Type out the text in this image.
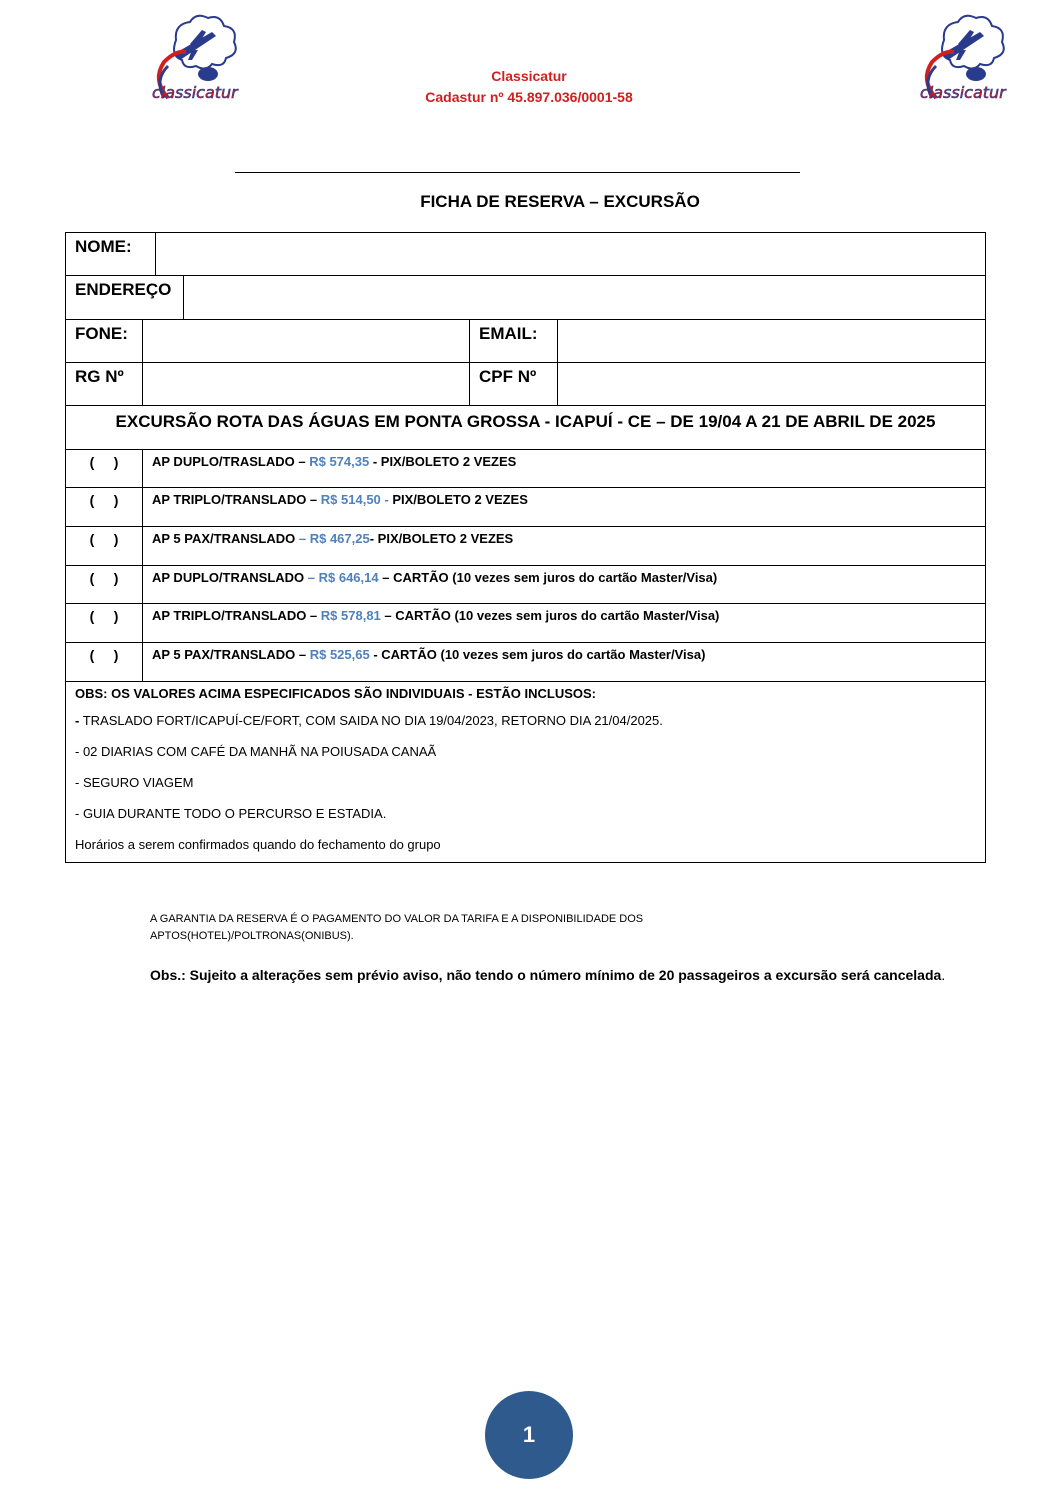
classicatur	classicatur
Classicatur
Cadastur nº 45.897.036/0001-58
FICHA DE RESERVA – EXCURSÃO
NOME:
ENDEREÇO
FONE:	EMAIL:
RG Nº	CPF Nº
EXCURSÃO ROTA DAS ÁGUAS EM PONTA GROSSA - ICAPUÍ - CE – DE 19/04 A 21 DE ABRIL DE 2025
(     )	AP DUPLO/TRASLADO – R$ 574,35 - PIX/BOLETO 2 VEZES
(     )	AP TRIPLO/TRANSLADO – R$ 514,50 - PIX/BOLETO 2 VEZES
(     )	AP 5 PAX/TRANSLADO – R$ 467,25- PIX/BOLETO 2 VEZES
(     )	AP DUPLO/TRANSLADO – R$ 646,14 – CARTÃO (10 vezes sem juros do cartão Master/Visa)
(     )	AP TRIPLO/TRANSLADO – R$ 578,81 – CARTÃO (10 vezes sem juros do cartão Master/Visa)
(     )	AP 5 PAX/TRANSLADO – R$ 525,65 - CARTÃO (10 vezes sem juros do cartão Master/Visa)
OBS: OS VALORES ACIMA ESPECIFICADOS SÃO INDIVIDUAIS - ESTÃO INCLUSOS:
- TRASLADO FORT/ICAPUÍ-CE/FORT, COM SAIDA NO DIA 19/04/2023, RETORNO DIA 21/04/2025.
- 02 DIARIAS COM CAFÉ DA MANHÃ NA POIUSADA CANAÃ
- SEGURO VIAGEM
- GUIA DURANTE TODO O PERCURSO E ESTADIA.
Horários a serem confirmados quando do fechamento do grupo
A GARANTIA DA RESERVA É O PAGAMENTO DO VALOR DA TARIFA E A DISPONIBILIDADE DOS APTOS(HOTEL)/POLTRONAS(ONIBUS).
Obs.: Sujeito a alterações sem prévio aviso, não tendo o número mínimo de 20 passageiros a excursão será cancelada.
1
